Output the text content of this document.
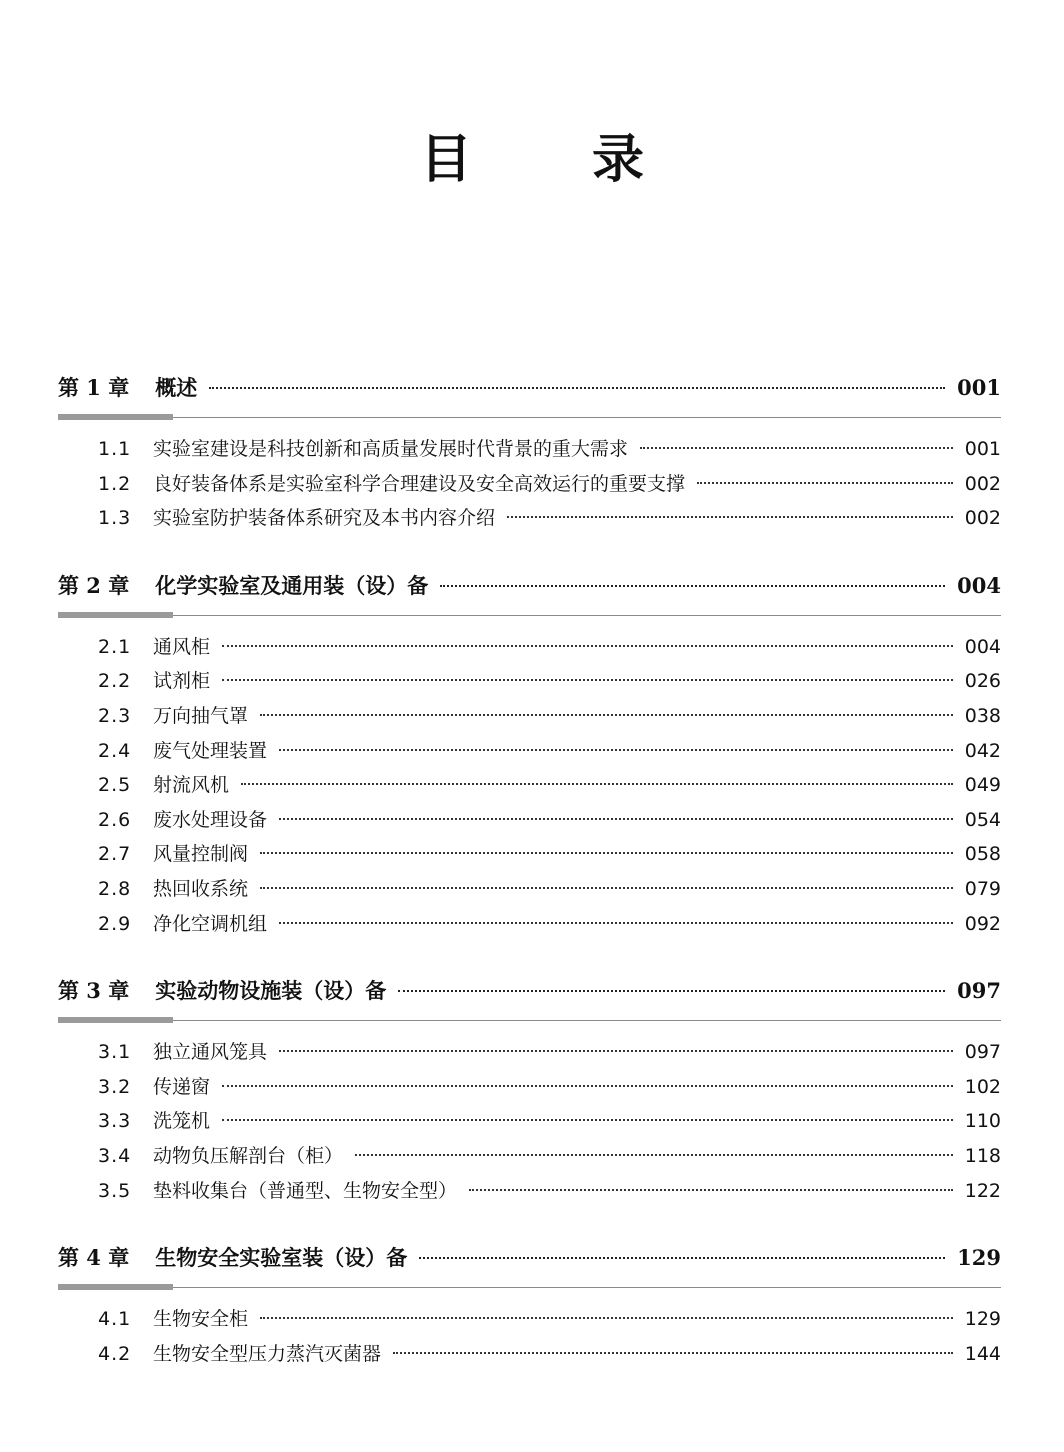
目录
第 1 章 概述	001
1.1	实验室建设是科技创新和高质量发展时代背景的重大需求	001
1.2	良好装备体系是实验室科学合理建设及安全高效运行的重要支撑	002
1.3	实验室防护装备体系研究及本书内容介绍	002
第 2 章 化学实验室及通用装（设）备	004
2.1	通风柜	004
2.2	试剂柜	026
2.3	万向抽气罩	038
2.4	废气处理装置	042
2.5	射流风机	049
2.6	废水处理设备	054
2.7	风量控制阀	058
2.8	热回收系统	079
2.9	净化空调机组	092
第 3 章 实验动物设施装（设）备	097
3.1	独立通风笼具	097
3.2	传递窗	102
3.3	洗笼机	110
3.4	动物负压解剖台（柜）	118
3.5	垫料收集台（普通型、生物安全型）	122
第 4 章 生物安全实验室装（设）备	129
4.1	生物安全柜	129
4.2	生物安全型压力蒸汽灭菌器	144
